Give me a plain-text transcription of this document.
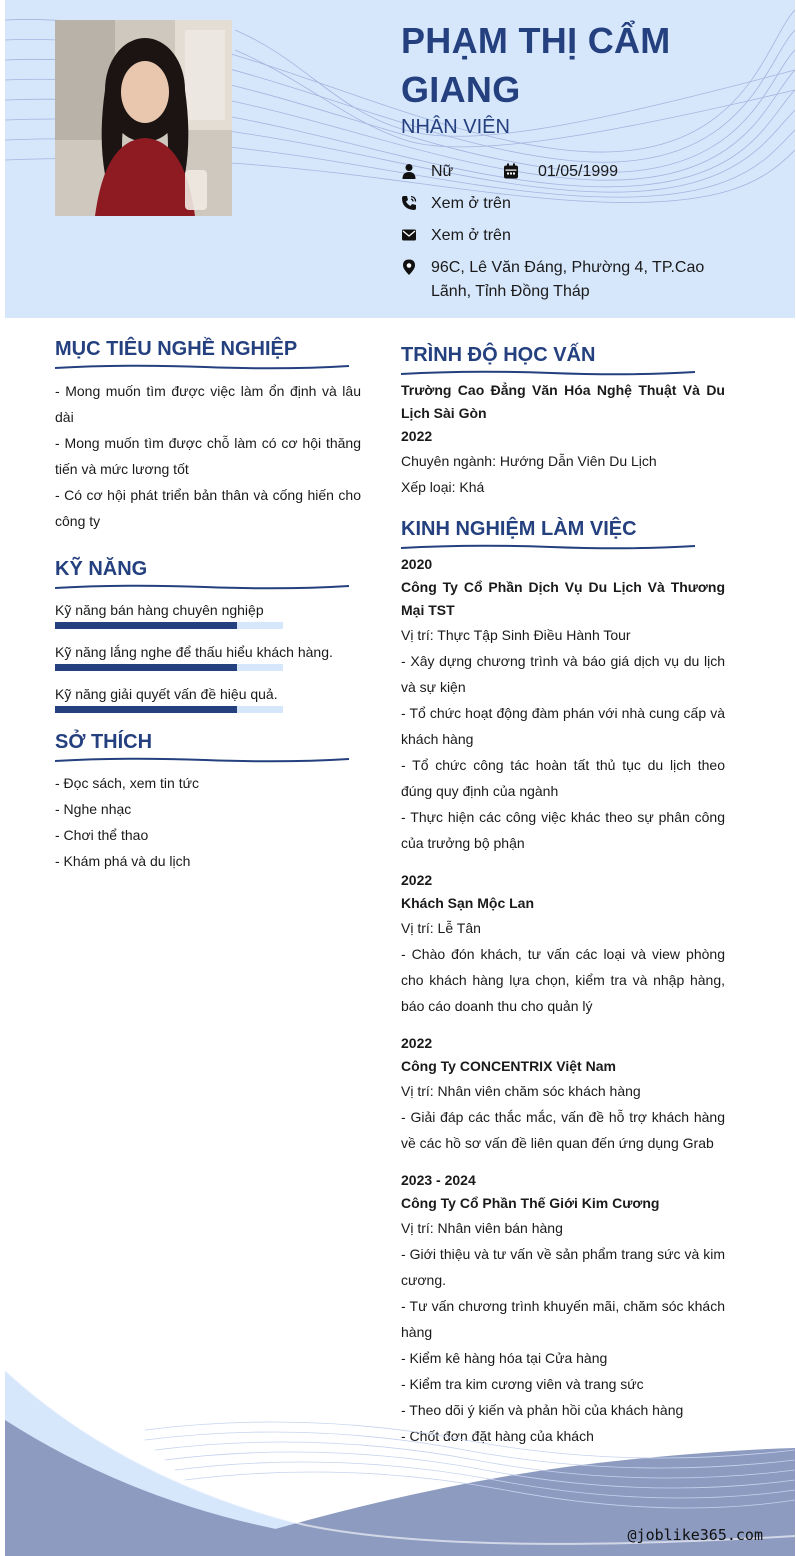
PHẠM THỊ CẨM GIANG
NHÂN VIÊN
Nữ	01/05/1999
Xem ở trên
Xem ở trên
96C, Lê Văn Đáng, Phường 4, TP.Cao Lãnh, Tỉnh Đồng Tháp
MỤC TIÊU NGHỀ NGHIỆP

- Mong muốn tìm được việc làm ổn định và lâu dài

- Mong muốn tìm được chỗ làm có cơ hội thăng tiến và mức lương tốt

- Có cơ hội phát triển bản thân và cống hiến cho công ty

KỸ NĂNG
Kỹ năng bán hàng chuyên nghiệp
Kỹ năng lắng nghe để thấu hiểu khách hàng.
Kỹ năng giải quyết vấn đề hiệu quả.
SỞ THÍCH
- Đọc sách, xem tin tức
- Nghe nhạc
- Chơi thể thao
- Khám phá và du lịch
TRÌNH ĐỘ HỌC VẤN
Trường Cao Đẳng Văn Hóa Nghệ Thuật Và Du Lịch Sài Gòn
2022
Chuyên ngành: Hướng Dẫn Viên Du Lịch
Xếp loại: Khá
KINH NGHIỆM LÀM VIỆC
2020
Công Ty Cổ Phần Dịch Vụ Du Lịch Và Thương Mại TST
Vị trí: Thực Tập Sinh Điều Hành Tour
- Xây dựng chương trình và báo giá dịch vụ du lịch và sự kiện
- Tổ chức hoạt động đàm phán với nhà cung cấp và khách hàng
- Tổ chức công tác hoàn tất thủ tục du lịch theo đúng quy định của ngành
- Thực hiện các công việc khác theo sự phân công của trưởng bộ phận
2022
Khách Sạn Mộc Lan
Vị trí: Lễ Tân
- Chào đón khách, tư vấn các loại và view phòng cho khách hàng lựa chọn, kiểm tra và nhập hàng, báo cáo doanh thu cho quản lý
2022
Công Ty CONCENTRIX Việt Nam
Vị trí: Nhân viên chăm sóc khách hàng
- Giải đáp các thắc mắc, vấn đề hỗ trợ khách hàng về các hồ sơ vấn đề liên quan đến ứng dụng Grab
2023 - 2024
Công Ty Cổ Phần Thế Giới Kim Cương
Vị trí: Nhân viên bán hàng
- Giới thiệu và tư vấn về sản phẩm trang sức và kim cương.
- Tư vấn chương trình khuyến mãi, chăm sóc khách hàng
- Kiểm kê hàng hóa tại Cửa hàng
- Kiểm tra kim cương viên và trang sức
- Theo dõi ý kiến và phản hồi của khách hàng
- Chốt đơn đặt hàng của khách
@joblike365.com
